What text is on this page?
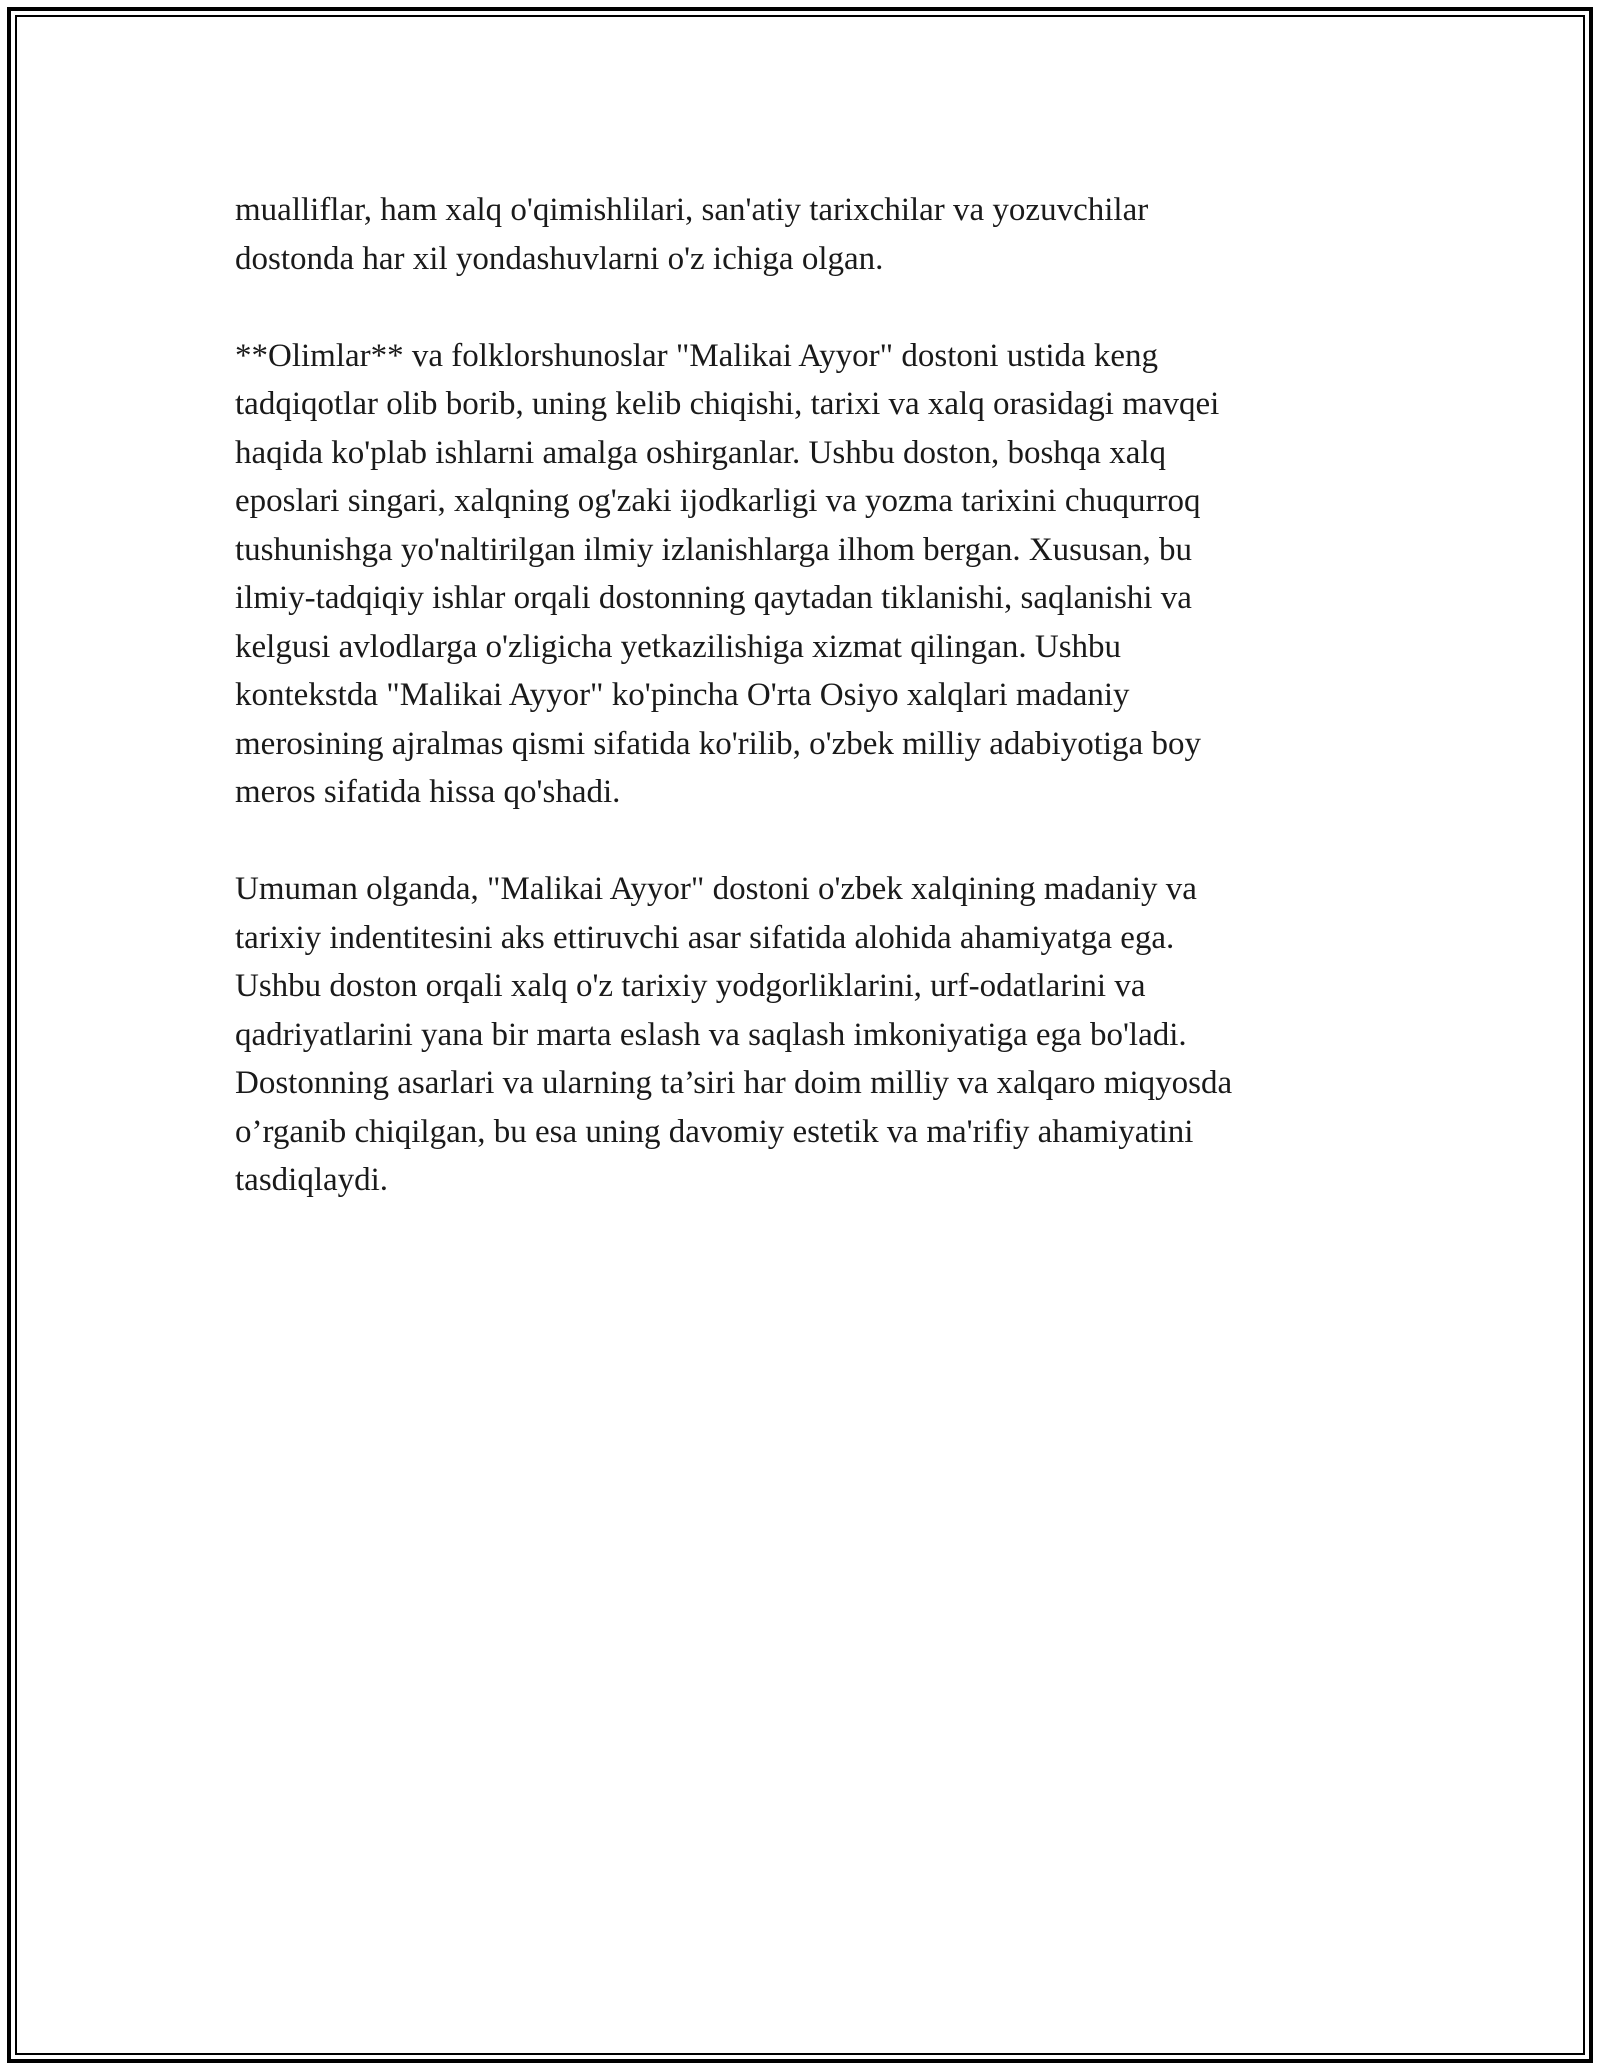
mualliflar, ham xalq o'qimishlilari, san'atiy tarixchilar va yozuvchilar
dostonda har xil yondashuvlarni o'z ichiga olgan.

**Olimlar** va folklorshunoslar "Malikai Ayyor" dostoni ustida keng
tadqiqotlar olib borib, uning kelib chiqishi, tarixi va xalq orasidagi mavqei
haqida ko'plab ishlarni amalga oshirganlar. Ushbu doston, boshqa xalq
eposlari singari, xalqning og'zaki ijodkarligi va yozma tarixini chuqurroq
tushunishga yo'naltirilgan ilmiy izlanishlarga ilhom bergan. Xususan, bu
ilmiy-tadqiqiy ishlar orqali dostonning qaytadan tiklanishi, saqlanishi va
kelgusi avlodlarga o'zligicha yetkazilishiga xizmat qilingan. Ushbu
kontekstda "Malikai Ayyor" ko'pincha O'rta Osiyo xalqlari madaniy
merosining ajralmas qismi sifatida ko'rilib, o'zbek milliy adabiyotiga boy
meros sifatida hissa qo'shadi.

Umuman olganda, "Malikai Ayyor" dostoni o'zbek xalqining madaniy va
tarixiy indentitesini aks ettiruvchi asar sifatida alohida ahamiyatga ega.
Ushbu doston orqali xalq o'z tarixiy yodgorliklarini, urf-odatlarini va
qadriyatlarini yana bir marta eslash va saqlash imkoniyatiga ega bo'ladi.
Dostonning asarlari va ularning ta’siri har doim milliy va xalqaro miqyosda
o’rganib chiqilgan, bu esa uning davomiy estetik va ma'rifiy ahamiyatini
tasdiqlaydi.
